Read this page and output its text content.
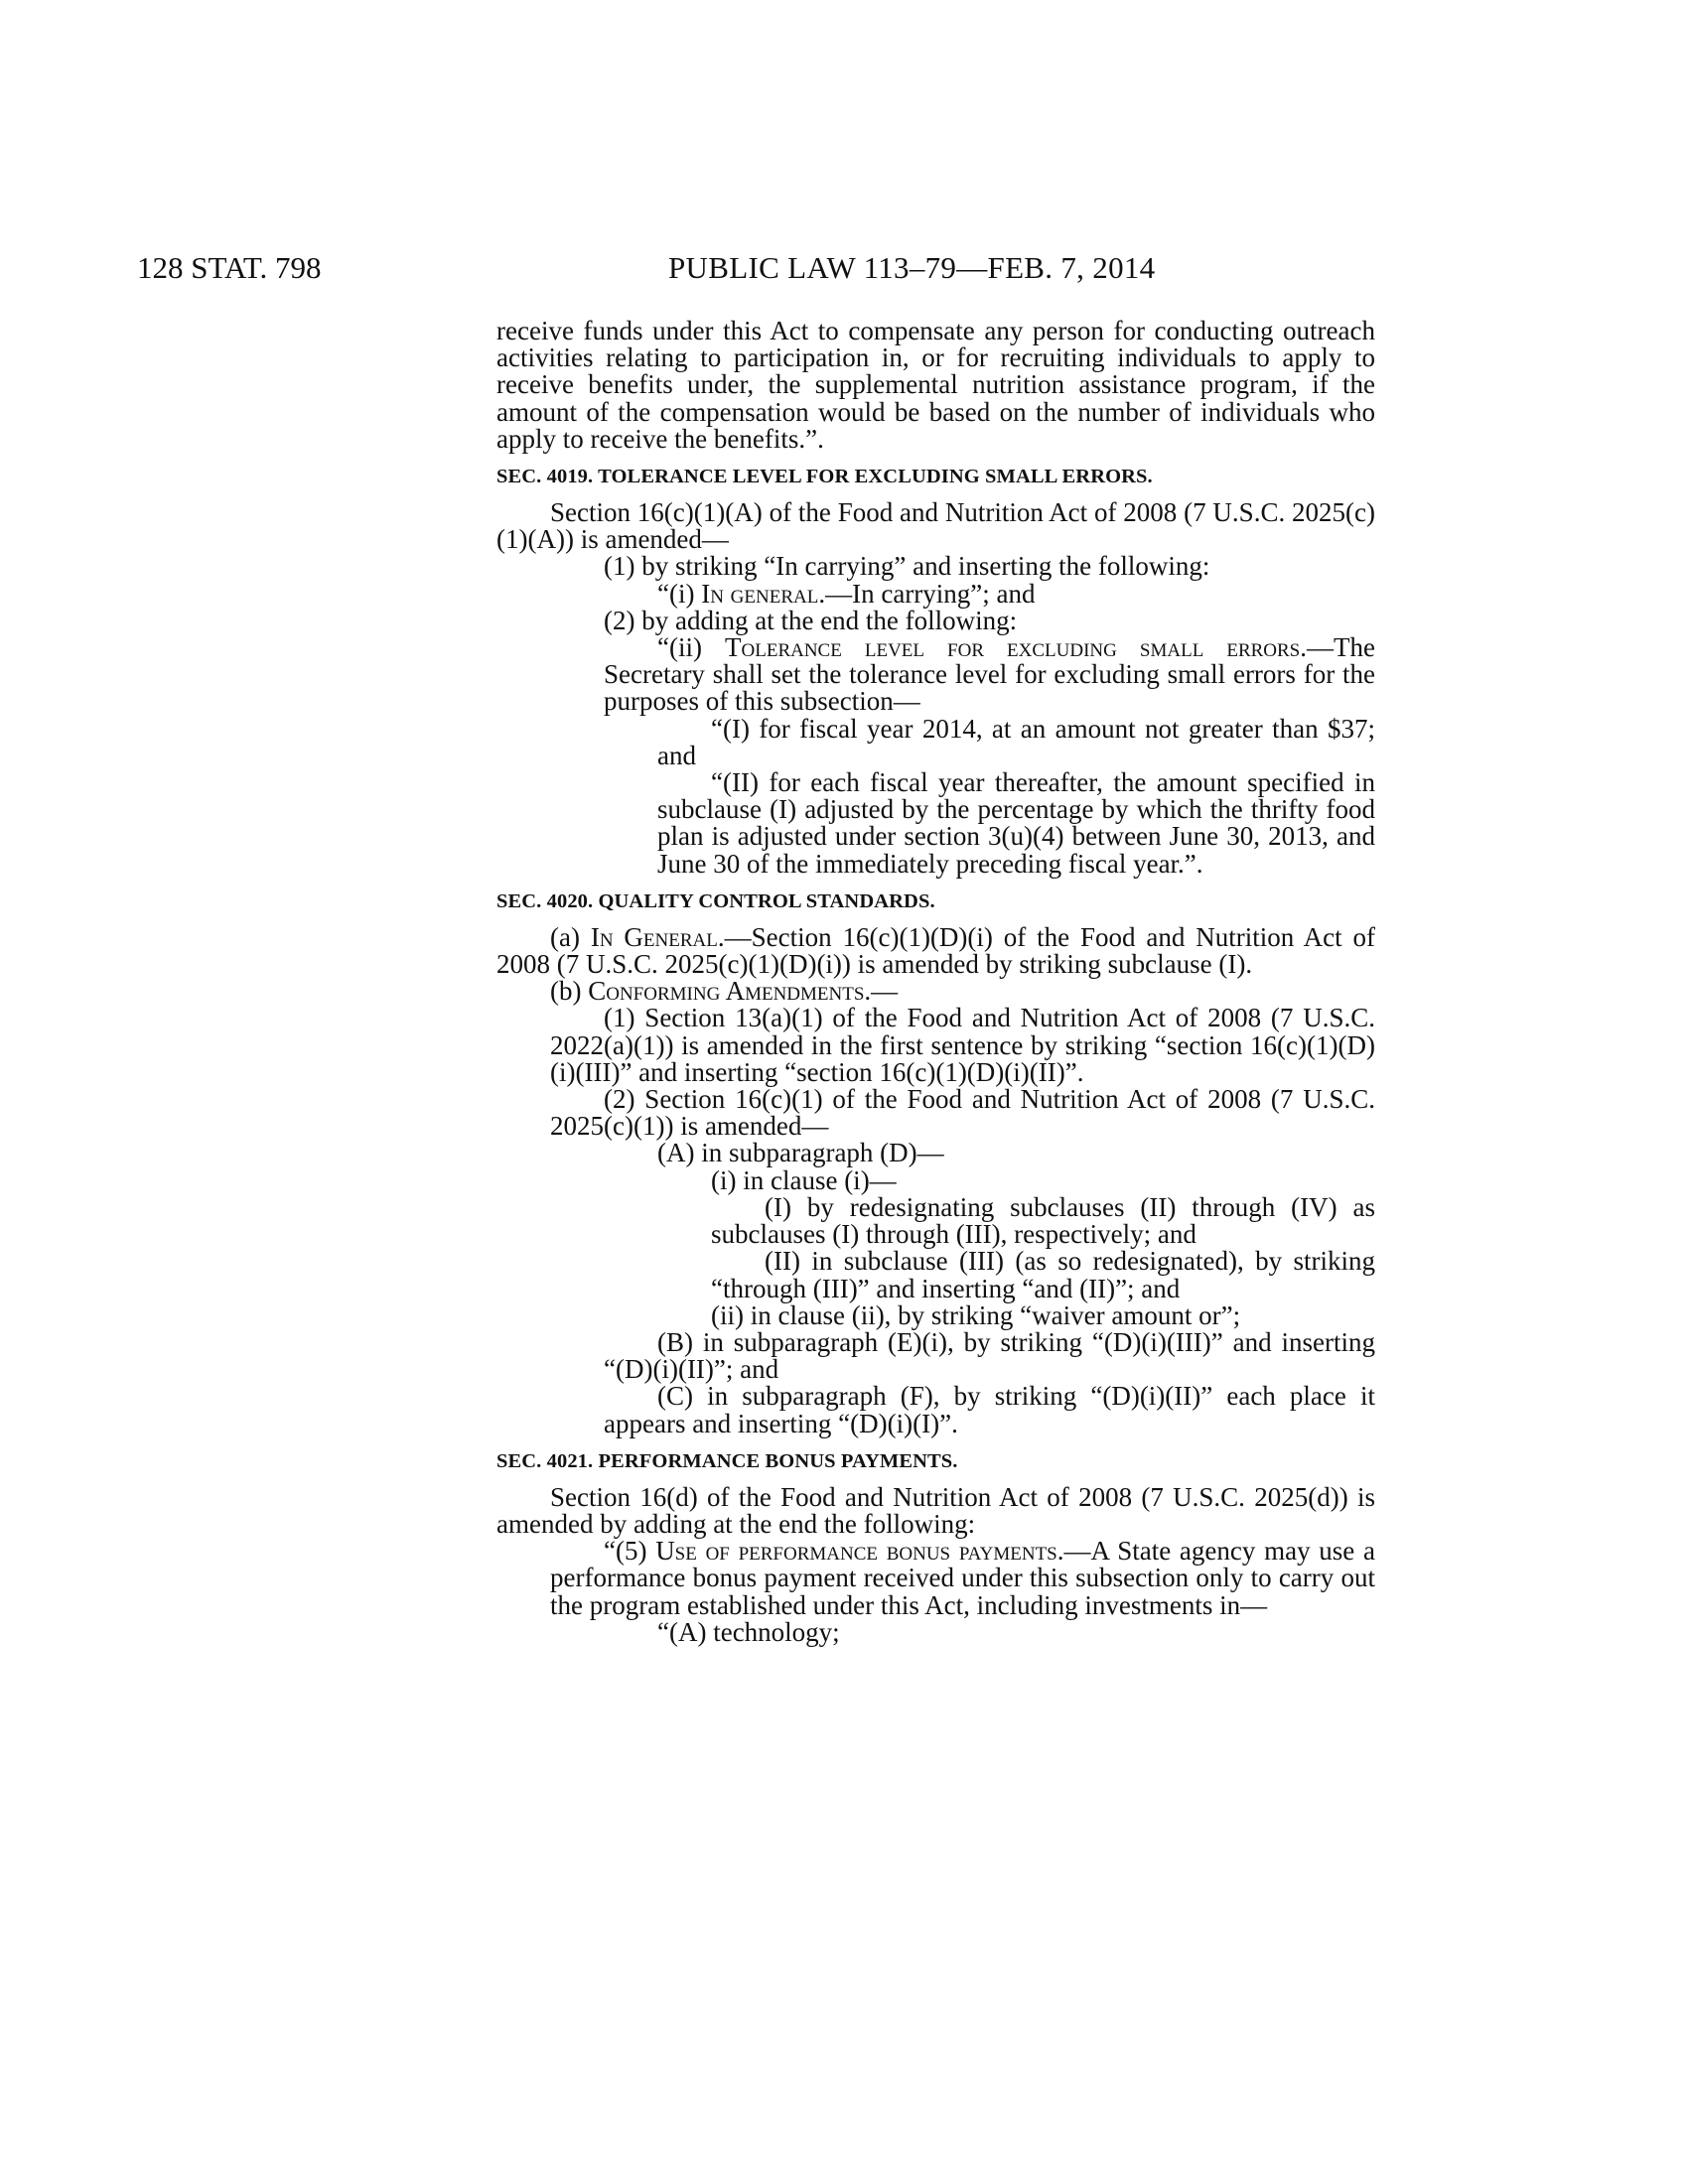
128 STAT. 798	PUBLIC LAW 113–79—FEB. 7, 2014

receive funds under this Act to compensate any person for conducting outreach activities relating to participation in, or for recruiting individuals to apply to receive benefits under, the supplemental nutrition assistance program, if the amount of the compensation would be based on the number of individuals who apply to receive the benefits.”.

SEC. 4019. TOLERANCE LEVEL FOR EXCLUDING SMALL ERRORS.

Section 16(c)(1)(A) of the Food and Nutrition Act of 2008 (7 U.S.C. 2025(c)(1)(A)) is amended—

(1) by striking “In carrying” and inserting the following:

“(i) In general.—In carrying”; and

(2) by adding at the end the following:

“(ii) Tolerance level for excluding small errors.—The Secretary shall set the tolerance level for excluding small errors for the purposes of this subsection—

“(I) for fiscal year 2014, at an amount not greater than $37; and

“(II) for each fiscal year thereafter, the amount specified in subclause (I) adjusted by the percentage by which the thrifty food plan is adjusted under section 3(u)(4) between June 30, 2013, and June 30 of the immediately preceding fiscal year.”.

SEC. 4020. QUALITY CONTROL STANDARDS.

(a) In General.—Section 16(c)(1)(D)(i) of the Food and Nutrition Act of 2008 (7 U.S.C. 2025(c)(1)(D)(i)) is amended by striking subclause (I).

(b) Conforming Amendments.—

(1) Section 13(a)(1) of the Food and Nutrition Act of 2008 (7 U.S.C. 2022(a)(1)) is amended in the first sentence by striking “section 16(c)(1)(D)(i)(III)” and inserting “section 16(c)(1)(D)(i)(II)”.

(2) Section 16(c)(1) of the Food and Nutrition Act of 2008 (7 U.S.C. 2025(c)(1)) is amended—

(A) in subparagraph (D)—

(i) in clause (i)—

(I) by redesignating subclauses (II) through (IV) as subclauses (I) through (III), respectively; and

(II) in subclause (III) (as so redesignated), by striking “through (III)” and inserting “and (II)”; and

(ii) in clause (ii), by striking “waiver amount or”;

(B) in subparagraph (E)(i), by striking “(D)(i)(III)” and inserting “(D)(i)(II)”; and

(C) in subparagraph (F), by striking “(D)(i)(II)” each place it appears and inserting “(D)(i)(I)”.

SEC. 4021. PERFORMANCE BONUS PAYMENTS.

Section 16(d) of the Food and Nutrition Act of 2008 (7 U.S.C. 2025(d)) is amended by adding at the end the following:

“(5) Use of performance bonus payments.—A State agency may use a performance bonus payment received under this subsection only to carry out the program established under this Act, including investments in—

“(A) technology;
